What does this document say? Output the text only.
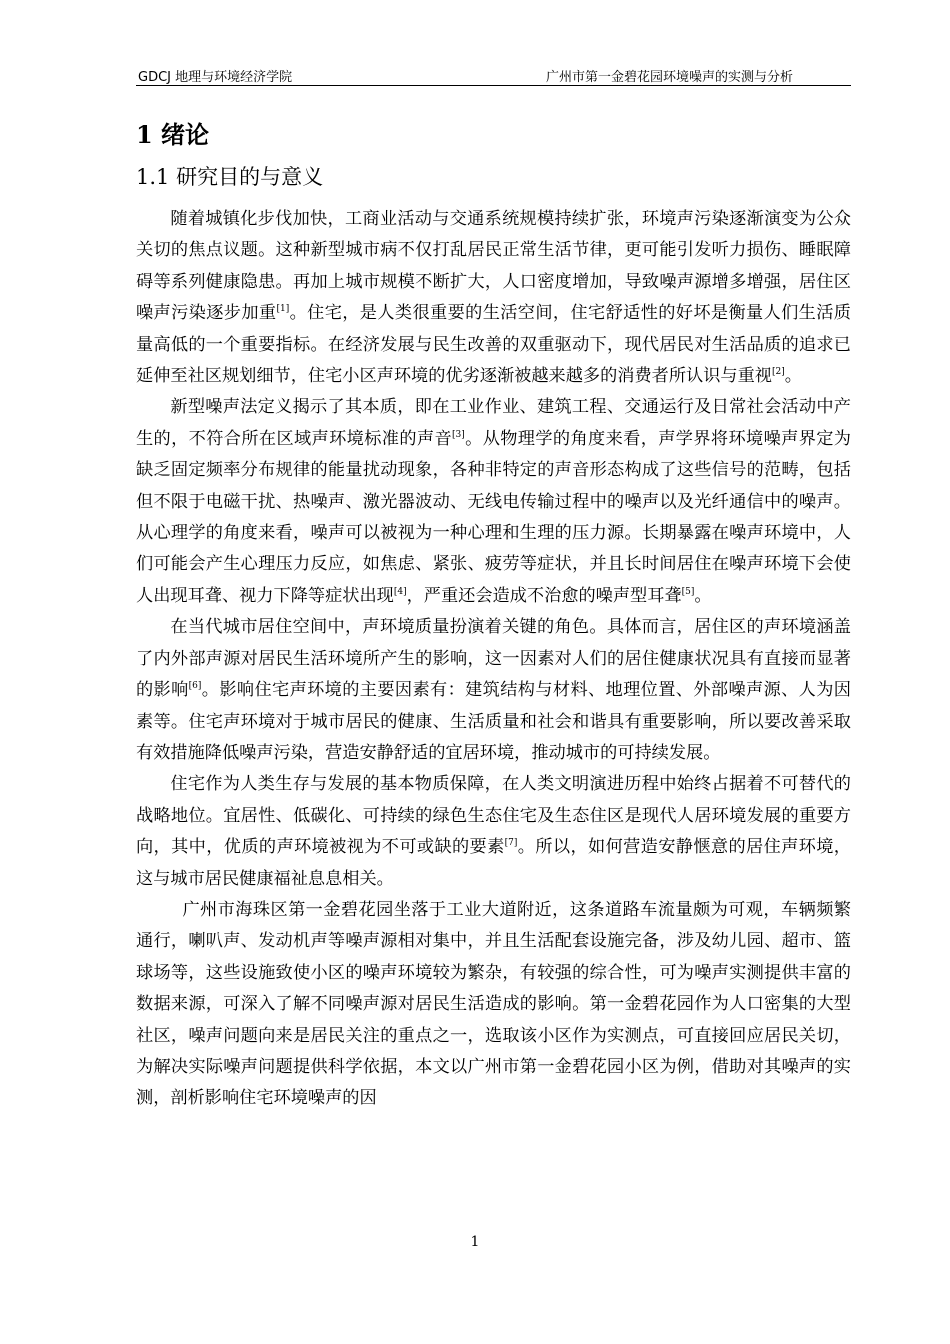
GDCJ 地理与环境经济学院	广州市第一金碧花园环境噪声的实测与分析
1 绪论
1.1 研究目的与意义

随着城镇化步伐加快，工商业活动与交通系统规模持续扩张，环境声污染逐渐演变为公众关切的焦点议题。这种新型城市病不仅打乱居民正常生活节律，更可能引发听力损伤、睡眠障碍等系列健康隐患。再加上城市规模不断扩大，人口密度增加，导致噪声源增多增强，居住区噪声污染逐步加重[1]。住宅，是人类很重要的生活空间，住宅舒适性的好坏是衡量人们生活质量高低的一个重要指标。在经济发展与民生改善的双重驱动下，现代居民对生活品质的追求已延伸至社区规划细节，住宅小区声环境的优劣逐渐被越来越多的消费者所认识与重视[2]。

新型噪声法定义揭示了其本质，即在工业作业、建筑工程、交通运行及日常社会活动中产生的，不符合所在区域声环境标准的声音[3]。从物理学的角度来看，声学界将环境噪声界定为缺乏固定频率分布规律的能量扰动现象，各种非特定的声音形态构成了这些信号的范畴，包括但不限于电磁干扰、热噪声、激光器波动、无线电传输过程中的噪声以及光纤通信中的噪声。从心理学的角度来看，噪声可以被视为一种心理和生理的压力源。长期暴露在噪声环境中，人们可能会产生心理压力反应，如焦虑、紧张、疲劳等症状，并且长时间居住在噪声环境下会使人出现耳聋、视力下降等症状出现[4]，严重还会造成不治愈的噪声型耳聋[5]。

在当代城市居住空间中，声环境质量扮演着关键的角色。具体而言，居住区的声环境涵盖了内外部声源对居民生活环境所产生的影响，这一因素对人们的居住健康状况具有直接而显著的影响[6]。影响住宅声环境的主要因素有：建筑结构与材料、地理位置、外部噪声源、人为因素等。住宅声环境对于城市居民的健康、生活质量和社会和谐具有重要影响，所以要改善采取有效措施降低噪声污染，营造安静舒适的宜居环境，推动城市的可持续发展。

住宅作为人类生存与发展的基本物质保障，在人类文明演进历程中始终占据着不可替代的战略地位。宜居性、低碳化、可持续的绿色生态住宅及生态住区是现代人居环境发展的重要方向，其中，优质的声环境被视为不可或缺的要素[7]。所以，如何营造安静惬意的居住声环境，这与城市居民健康福祉息息相关。

广州市海珠区第一金碧花园坐落于工业大道附近，这条道路车流量颇为可观，车辆频繁通行，喇叭声、发动机声等噪声源相对集中，并且生活配套设施完备，涉及幼儿园、超市、篮球场等，这些设施致使小区的噪声环境较为繁杂，有较强的综合性，可为噪声实测提供丰富的数据来源，可深入了解不同噪声源对居民生活造成的影响。第一金碧花园作为人口密集的大型社区，噪声问题向来是居民关注的重点之一，选取该小区作为实测点，可直接回应居民关切，为解决实际噪声问题提供科学依据，本文以广州市第一金碧花园小区为例，借助对其噪声的实测，剖析影响住宅环境噪声的因

1
